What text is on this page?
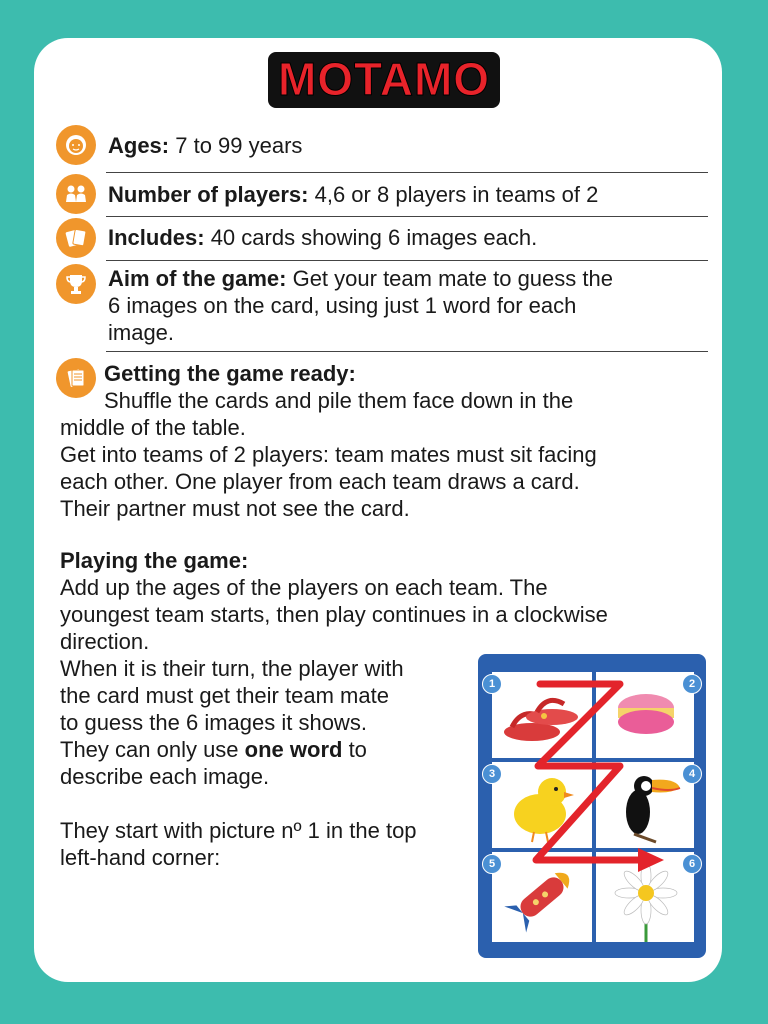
MOTAMO
Ages: 7 to 99 years
Number of players: 4,6 or 8 players in teams of 2
Includes: 40 cards showing 6 images each.
Aim of the game: Get your team mate to guess the
6 images on the card, using just 1 word for each
image.
Getting the game ready:
Shuffle the cards and pile them face down in the
middle of the table.
Get into teams of 2 players: team mates must sit facing
each other. One player from each team draws a card.
Their partner must not see the card.
Playing the game:
Add up the ages of the players on each team. The
youngest team starts, then play continues in a clockwise
direction.
When it is their turn, the player with
the card must get their team mate
to guess the 6 images it shows.
They can only use one word to
describe each image.
They start with picture nº 1 in the top
left-hand corner:
1	2
3	4
5	6
